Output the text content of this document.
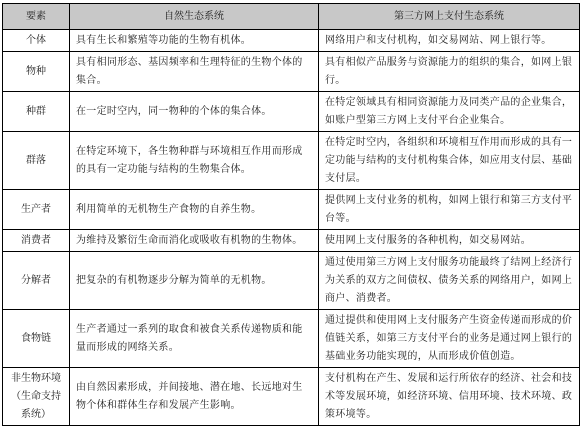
要素	自然生态系统	第三方网上支付生态系统
个体	具有生长和繁殖等功能的生物有机体。	网络用户和支付机构，如交易网站、网上银行等。
物种	具有相同形态、基因频率和生理特征的生物个体的集合。	具有相似产品服务与资源能力的组织的集合，如网上银行。
种群	在一定时空内，同一物种的个体的集合体。	在特定领域具有相同资源能力及同类产品的企业集合，如账户型第三方网上支付平台企业集合。
群落	在特定环境下，各生物种群与环境相互作用而形成的具有一定功能与结构的生物集合体。	在特定时空内，各组织和环境相互作用而形成的具有一定功能与结构的支付机构集合体，如应用支付层、基础支付层。
生产者	利用简单的无机物生产食物的自养生物。	提供网上支付业务的机构，如网上银行和第三方支付平台等。
消费者	为维持及繁衍生命而消化或吸收有机物的生物体。	使用网上支付服务的各种机构，如交易网站。
分解者	把复杂的有机物逐步分解为简单的无机物。	通过使用第三方网上支付服务功能最终了结网上经济行为关系的双方之间债权、债务关系的网络用户，如网上商户、消费者。
食物链	生产者通过一系列的取食和被食关系传递物质和能量而形成的网络关系。	通过提供和使用网上支付服务产生资金传递而形成的价值链关系，如第三方支付平台的业务是通过网上银行的基础业务功能实现的，从而形成价值创造。
非生物环境（生命支持系统）	由自然因素形成，并间接地、潜在地、长远地对生物个体和群体生存和发展产生影响。	支付机构在产生、发展和运行所依存的经济、社会和技术等发展环境，如经济环境、信用环境、技术环境、政策环境等。
